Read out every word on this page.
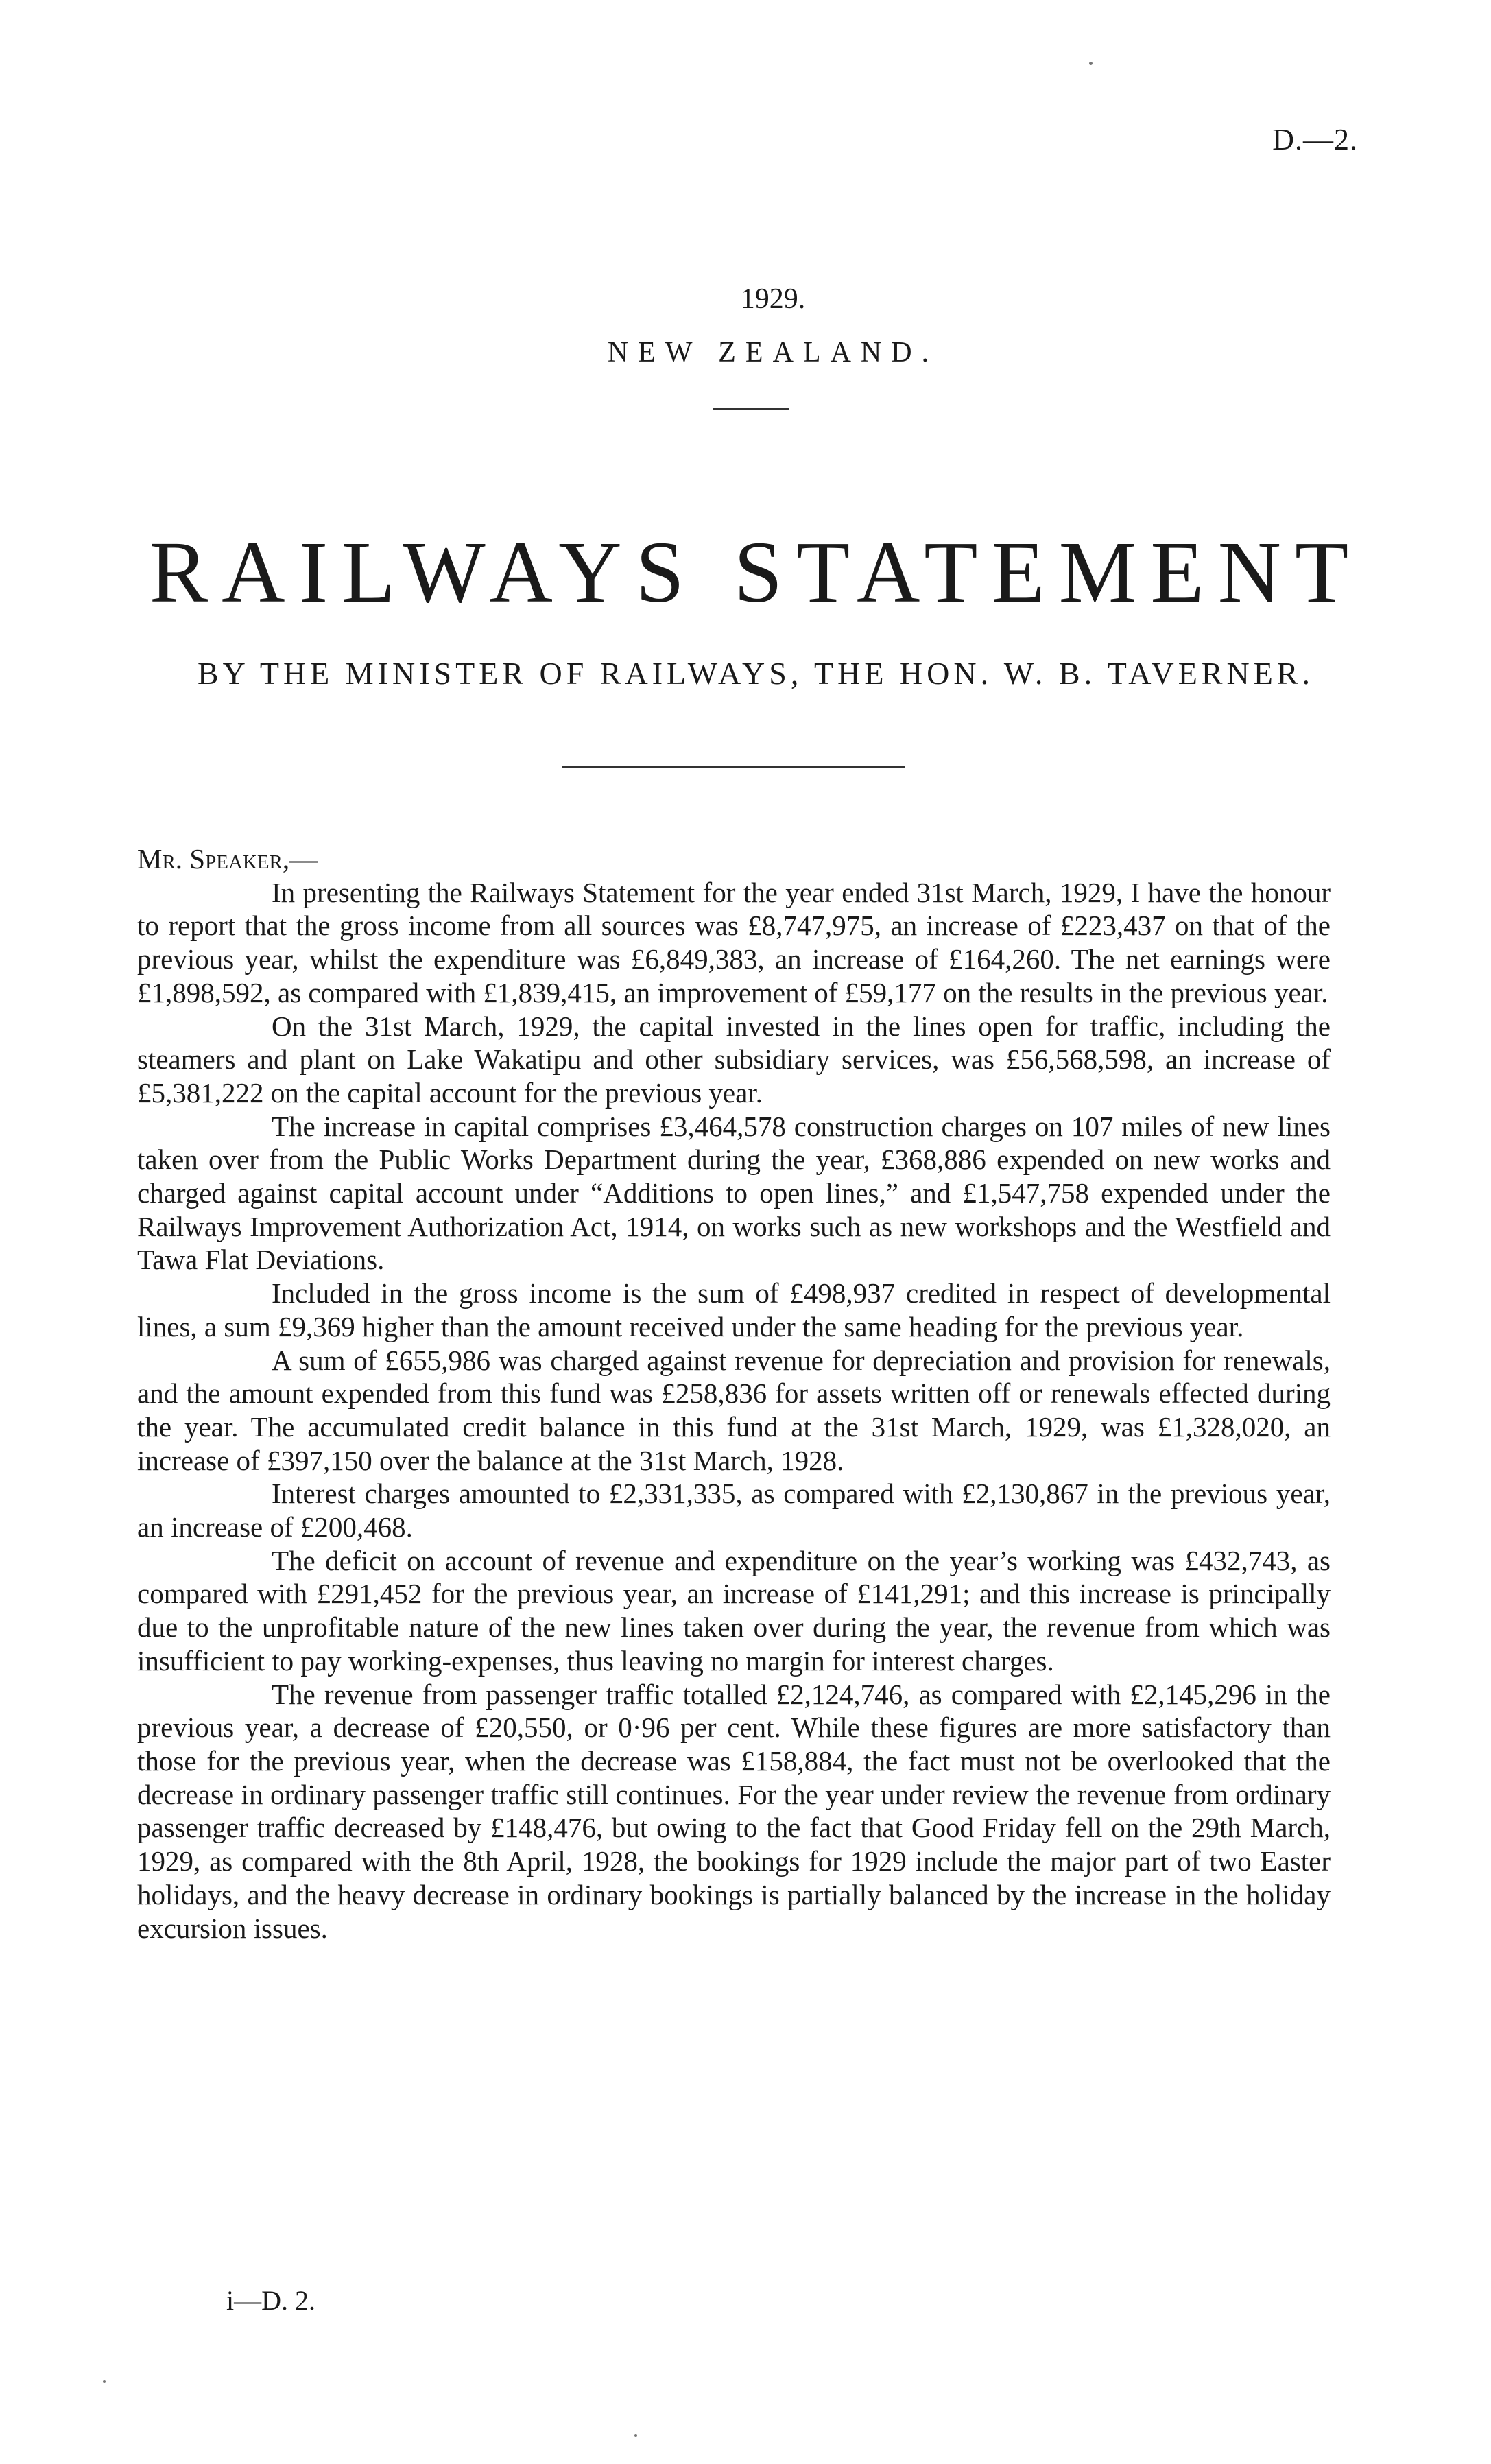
D.—2.
1929.
NEW ZEALAND.
RAILWAYS STATEMENT
BY THE MINISTER OF RAILWAYS, THE HON. W. B. TAVERNER.

Mr. Speaker,—

In presenting the Railways Statement for the year ended 31st March, 1929, I have the honour to report that the gross income from all sources was £8,747,975, an increase of £223,437 on that of the previous year, whilst the expenditure was £6,849,383, an increase of £164,260. The net earnings were £1,898,592, as compared with £1,839,415, an improvement of £59,177 on the results in the previous year.

On the 31st March, 1929, the capital invested in the lines open for traffic, including the steamers and plant on Lake Wakatipu and other subsidiary services, was £56,568,598, an increase of £5,381,222 on the capital account for the previous year.

The increase in capital comprises £3,464,578 construction charges on 107 miles of new lines taken over from the Public Works Department during the year, £368,886 expended on new works and charged against capital account under “Additions to open lines,” and £1,547,758 expended under the Railways Improvement Authorization Act, 1914, on works such as new workshops and the Westfield and Tawa Flat Deviations.

Included in the gross income is the sum of £498,937 credited in respect of developmental lines, a sum £9,369 higher than the amount received under the same heading for the previous year.

A sum of £655,986 was charged against revenue for depreciation and provision for renewals, and the amount expended from this fund was £258,836 for assets written off or renewals effected during the year. The accumulated credit balance in this fund at the 31st March, 1929, was £1,328,020, an increase of £397,150 over the balance at the 31st March, 1928.

Interest charges amounted to £2,331,335, as compared with £2,130,867 in the previous year, an increase of £200,468.

The deficit on account of revenue and expenditure on the year’s working was £432,743, as compared with £291,452 for the previous year, an increase of £141,291; and this increase is principally due to the unprofitable nature of the new lines taken over during the year, the revenue from which was insufficient to pay working-expenses, thus leaving no margin for interest charges.

The revenue from passenger traffic totalled £2,124,746, as compared with £2,145,296 in the previous year, a decrease of £20,550, or 0·96 per cent. While these figures are more satisfactory than those for the previous year, when the decrease was £158,884, the fact must not be overlooked that the decrease in ordinary passenger traffic still continues. For the year under review the revenue from ordinary passenger traffic decreased by £148,476, but owing to the fact that Good Friday fell on the 29th March, 1929, as compared with the 8th April, 1928, the bookings for 1929 include the major part of two Easter holidays, and the heavy decrease in ordinary bookings is partially balanced by the increase in the holiday excursion issues.

i—D. 2.
